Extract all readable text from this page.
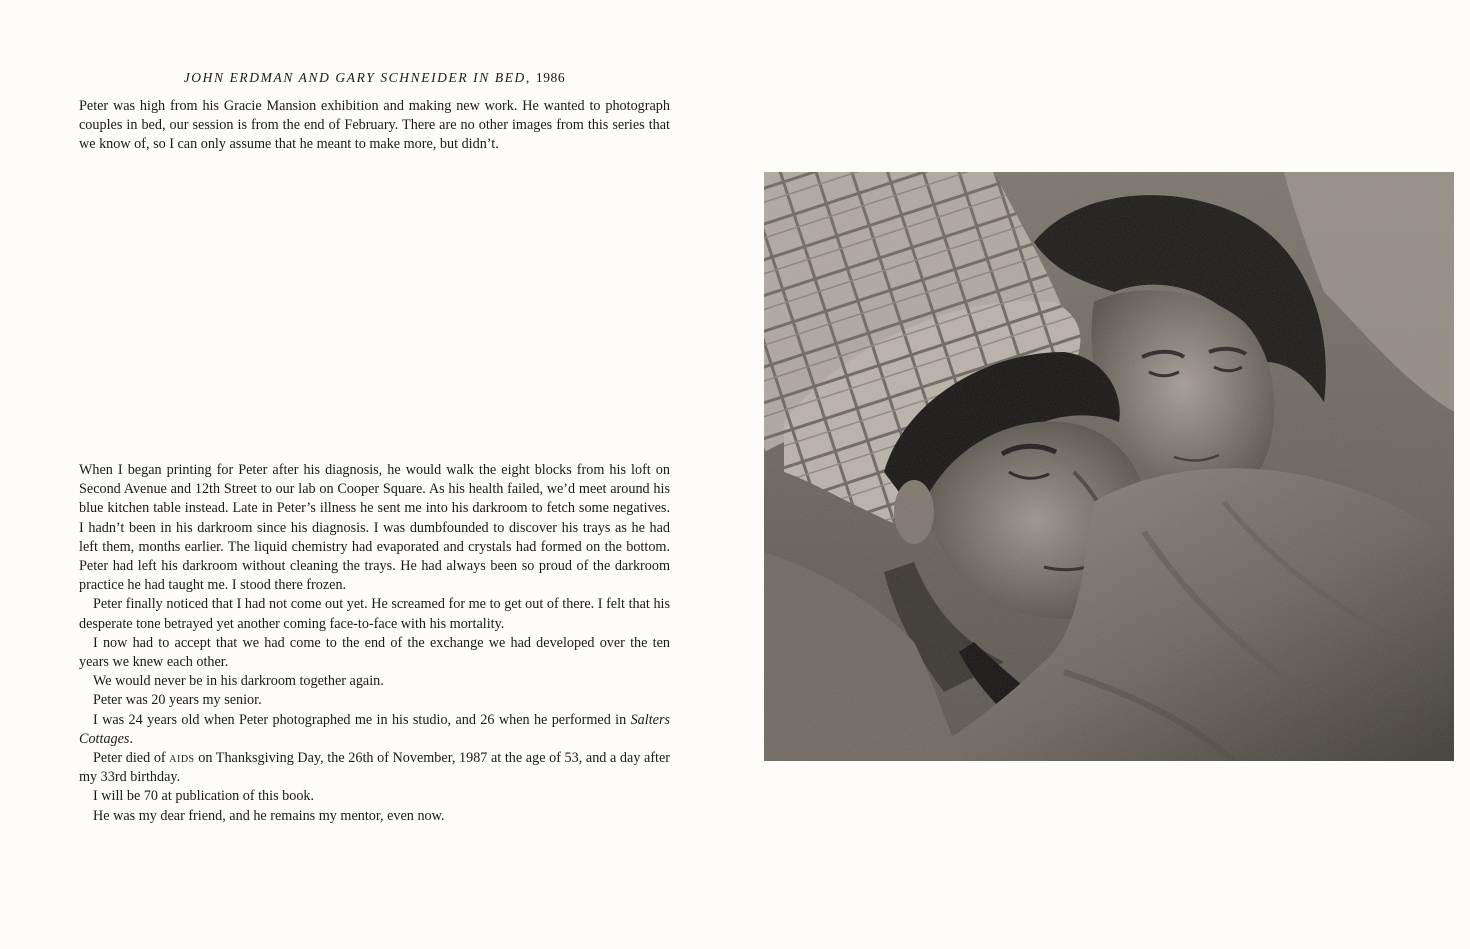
JOHN ERDMAN AND GARY SCHNEIDER IN BED, 1986

Peter was high from his Gracie Mansion exhibition and making new work. He wanted to photograph couples in bed, our session is from the end of February. There are no other images from this series that we know of, so I can only assume that he meant to make more, but didn’t.

When I began printing for Peter after his diagnosis, he would walk the eight blocks from his loft on Second Avenue and 12th Street to our lab on Cooper Square. As his health failed, we’d meet around his blue kitchen table instead. Late in Peter’s illness he sent me into his darkroom to fetch some negatives. I hadn’t been in his darkroom since his diagnosis. I was dumbfounded to discover his trays as he had left them, months earlier. The liquid chemistry had evaporated and crystals had formed on the bottom. Peter had left his darkroom without cleaning the trays. He had always been so proud of the darkroom practice he had taught me. I stood there frozen.

Peter finally noticed that I had not come out yet. He screamed for me to get out of there. I felt that his desperate tone betrayed yet another coming face-to-face with his mortality.

I now had to accept that we had come to the end of the exchange we had developed over the ten years we knew each other.

We would never be in his darkroom together again.

Peter was 20 years my senior.

I was 24 years old when Peter photographed me in his studio, and 26 when he performed in Salters Cottages.

Peter died of aids on Thanksgiving Day, the 26th of November, 1987 at the age of 53, and a day after my 33rd birthday.

I will be 70 at publication of this book.

He was my dear friend, and he remains my mentor, even now.
